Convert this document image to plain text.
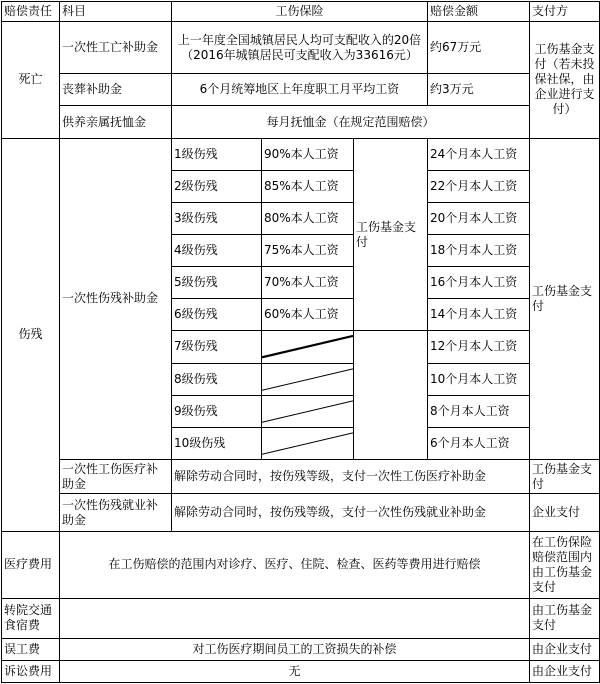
赔偿责任	科目	工伤保险			赔偿金额	支付方
死亡	一次性工亡补助金	上一年度全国城镇居民人均可支配收入的20倍（2016年城镇居民可支配收入为33616元）			约67万元	工伤基金支付（若未投保社保，由企业进行支付）
	丧葬补助金	6个月统筹地区上年度职工月平均工资			约3万元	
	供养亲属抚恤金	每月抚恤金（在规定范围赔偿）				
伤残	一次性伤残补助金	1级伤残	90%本人工资	工伤基金支付	24个月本人工资	工伤基金支付
		2级伤残	85%本人工资		22个月本人工资	
		3级伤残	80%本人工资		20个月本人工资	
		4级伤残	75%本人工资		18个月本人工资	
		5级伤残	70%本人工资		16个月本人工资	
		6级伤残	60%本人工资		14个月本人工资	
		7级伤残			12个月本人工资	
		8级伤残			10个月本人工资	
		9级伤残			8个月本人工资	
		10级伤残			6个月本人工资	
	一次性工伤医疗补助金	解除劳动合同时，按伤残等级，支付一次性工伤医疗补助金				工伤基金支付
	一次性伤残就业补助金	解除劳动合同时，按伤残等级，支付一次性伤残就业补助金				企业支付
医疗费用	在工伤赔偿的范围内对诊疗、医疗、住院、检查、医药等费用进行赔偿					在工伤保险赔偿范围内由工伤基金支付
转院交通食宿费						由工伤基金支付
误工费	对工伤医疗期间员工的工资损失的补偿					由企业支付
诉讼费用	无					由企业支付
